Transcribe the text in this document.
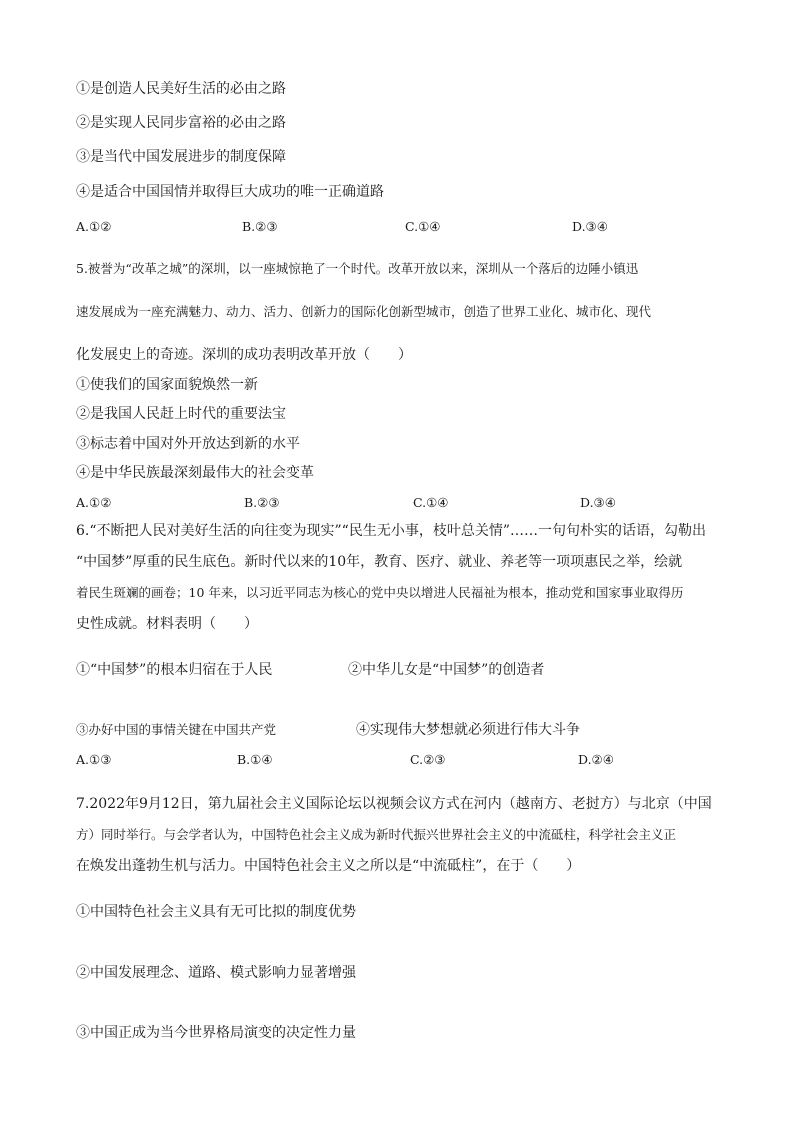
①是创造人民美好生活的必由之路
②是实现人民同步富裕的必由之路
③是当代中国发展进步的制度保障
④是适合中国国情并取得巨大成功的唯一正确道路
A.①②	B.②③	C.①④	D.③④
5.被誉为“改革之城”的深圳，以一座城惊艳了一个时代。改革开放以来，深圳从一个落后的边陲小镇迅
速发展成为一座充满魅力、动力、活力、创新力的国际化创新型城市，创造了世界工业化、城市化、现代
化发展史上的奇迹。深圳的成功表明改革开放（　　）
①使我们的国家面貌焕然一新
②是我国人民赶上时代的重要法宝
③标志着中国对外开放达到新的水平
④是中华民族最深刻最伟大的社会变革
A.①②	B.②③	C.①④	D.③④
6.“不断把人民对美好生活的向往变为现实”“民生无小事，枝叶总关情”……一句句朴实的话语，勾勒出
“中国梦”厚重的民生底色。新时代以来的10年，教育、医疗、就业、养老等一项项惠民之举，绘就
着民生斑斓的画卷；10 年来，以习近平同志为核心的党中央以增进人民福祉为根本，推动党和国家事业取得历
史性成就。材料表明（　　）
①“中国梦”的根本归宿在于人民	②中华儿女是“中国梦”的创造者
③办好中国的事情关键在中国共产党	④实现伟大梦想就必须进行伟大斗争
A.①③	B.①④	C.②③	D.②④
7.2022年9月12日，第九届社会主义国际论坛以视频会议方式在河内（越南方、老挝方）与北京（中国
方）同时举行。与会学者认为，中国特色社会主义成为新时代振兴世界社会主义的中流砥柱，科学社会主义正
在焕发出蓬勃生机与活力。中国特色社会主义之所以是“中流砥柱”，在于（　　）
①中国特色社会主义具有无可比拟的制度优势
②中国发展理念、道路、模式影响力显著增强
③中国正成为当今世界格局演变的决定性力量
